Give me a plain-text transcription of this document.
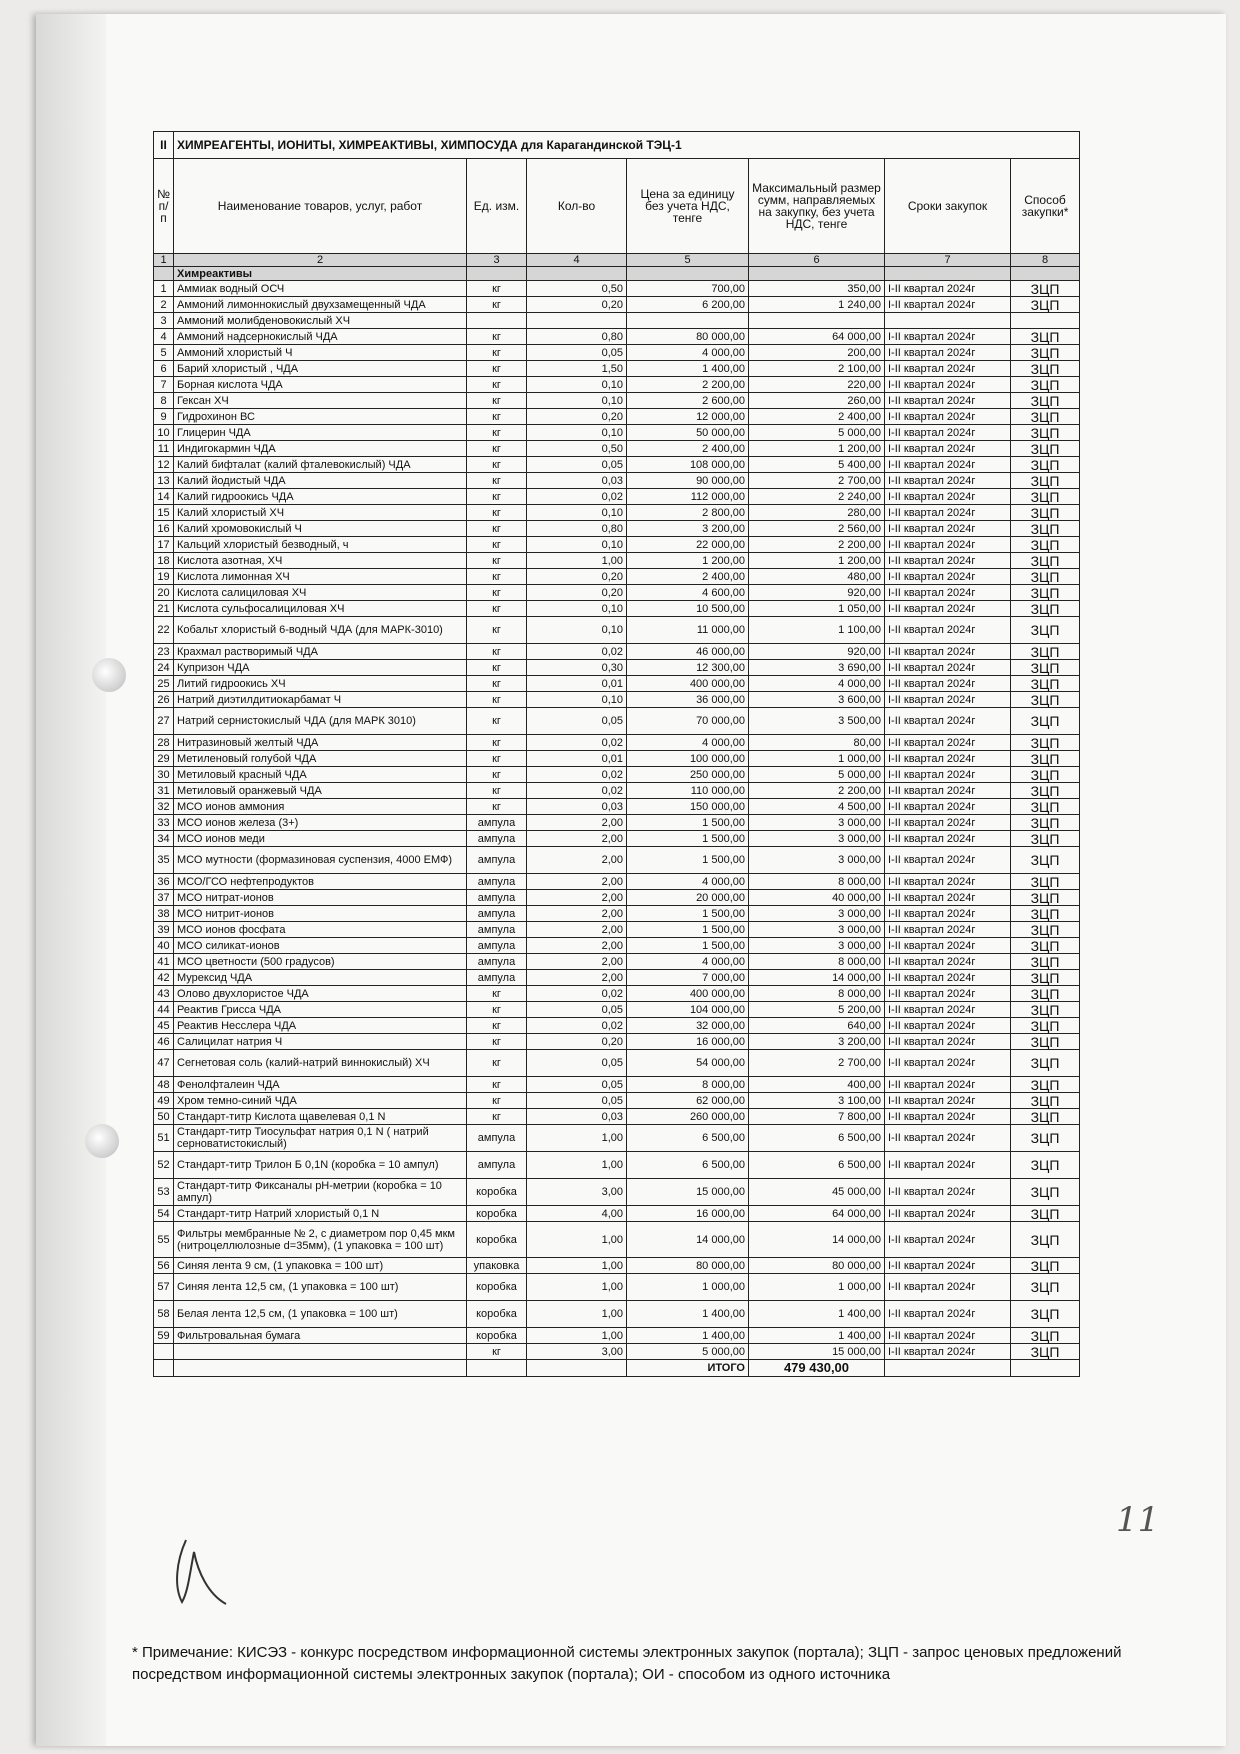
II	ХИМРЕАГЕНТЫ, ИОНИТЫ, ХИМРЕАКТИВЫ, ХИМПОСУДА для Карагандинской ТЭЦ-1						
№ п/п	Наименование товаров, услуг, работ	Ед. изм.	Кол-во	Цена за единицу без учета НДС, тенге	Максимальный размер сумм, направляемых на закупку, без учета НДС, тенге	Сроки закупок	Способ закупки*
1	2	3	4	5	6	7	8
	Химреактивы						
1	Аммиак водный ОСЧ	кг	0,50	700,00	350,00	I-II квартал 2024г	ЗЦП
2	Аммоний лимоннокислый двухзамещенный ЧДА	кг	0,20	6 200,00	1 240,00	I-II квартал 2024г	ЗЦП
3	Аммоний молибденовокислый ХЧ						
4	Аммоний надсернокислый ЧДА	кг	0,80	80 000,00	64 000,00	I-II квартал 2024г	ЗЦП
5	Аммоний хлористый Ч	кг	0,05	4 000,00	200,00	I-II квартал 2024г	ЗЦП
6	Барий хлористый , ЧДА	кг	1,50	1 400,00	2 100,00	I-II квартал 2024г	ЗЦП
7	Борная кислота ЧДА	кг	0,10	2 200,00	220,00	I-II квартал 2024г	ЗЦП
8	Гексан ХЧ	кг	0,10	2 600,00	260,00	I-II квартал 2024г	ЗЦП
9	Гидрохинон ВС	кг	0,20	12 000,00	2 400,00	I-II квартал 2024г	ЗЦП
10	Глицерин ЧДА	кг	0,10	50 000,00	5 000,00	I-II квартал 2024г	ЗЦП
11	Индигокармин ЧДА	кг	0,50	2 400,00	1 200,00	I-II квартал 2024г	ЗЦП
12	Калий бифталат (калий фталевокислый) ЧДА	кг	0,05	108 000,00	5 400,00	I-II квартал 2024г	ЗЦП
13	Калий йодистый ЧДА	кг	0,03	90 000,00	2 700,00	I-II квартал 2024г	ЗЦП
14	Калий гидроокись ЧДА	кг	0,02	112 000,00	2 240,00	I-II квартал 2024г	ЗЦП
15	Калий хлористый ХЧ	кг	0,10	2 800,00	280,00	I-II квартал 2024г	ЗЦП
16	Калий хромовокислый Ч	кг	0,80	3 200,00	2 560,00	I-II квартал 2024г	ЗЦП
17	Кальций хлористый безводный, ч	кг	0,10	22 000,00	2 200,00	I-II квартал 2024г	ЗЦП
18	Кислота азотная, ХЧ	кг	1,00	1 200,00	1 200,00	I-II квартал 2024г	ЗЦП
19	Кислота лимонная ХЧ	кг	0,20	2 400,00	480,00	I-II квартал 2024г	ЗЦП
20	Кислота салициловая ХЧ	кг	0,20	4 600,00	920,00	I-II квартал 2024г	ЗЦП
21	Кислота сульфосалициловая ХЧ	кг	0,10	10 500,00	1 050,00	I-II квартал 2024г	ЗЦП
22	Кобальт хлористый 6-водный ЧДА (для МАРК-3010)	кг	0,10	11 000,00	1 100,00	I-II квартал 2024г	ЗЦП
23	Крахмал растворимый ЧДА	кг	0,02	46 000,00	920,00	I-II квартал 2024г	ЗЦП
24	Купризон ЧДА	кг	0,30	12 300,00	3 690,00	I-II квартал 2024г	ЗЦП
25	Литий гидроокись ХЧ	кг	0,01	400 000,00	4 000,00	I-II квартал 2024г	ЗЦП
26	Натрий диэтилдитиокарбамат Ч	кг	0,10	36 000,00	3 600,00	I-II квартал 2024г	ЗЦП
27	Натрий сернистокислый ЧДА (для МАРК 3010)	кг	0,05	70 000,00	3 500,00	I-II квартал 2024г	ЗЦП
28	Нитразиновый желтый ЧДА	кг	0,02	4 000,00	80,00	I-II квартал 2024г	ЗЦП
29	Метиленовый голубой ЧДА	кг	0,01	100 000,00	1 000,00	I-II квартал 2024г	ЗЦП
30	Метиловый красный ЧДА	кг	0,02	250 000,00	5 000,00	I-II квартал 2024г	ЗЦП
31	Метиловый оранжевый ЧДА	кг	0,02	110 000,00	2 200,00	I-II квартал 2024г	ЗЦП
32	МСО ионов аммония	кг	0,03	150 000,00	4 500,00	I-II квартал 2024г	ЗЦП
33	МСО ионов железа (3+)	ампула	2,00	1 500,00	3 000,00	I-II квартал 2024г	ЗЦП
34	МСО ионов меди	ампула	2,00	1 500,00	3 000,00	I-II квартал 2024г	ЗЦП
35	МСО мутности (формазиновая суспензия, 4000 ЕМФ)	ампула	2,00	1 500,00	3 000,00	I-II квартал 2024г	ЗЦП
36	МСО/ГСО нефтепродуктов	ампула	2,00	4 000,00	8 000,00	I-II квартал 2024г	ЗЦП
37	МСО нитрат-ионов	ампула	2,00	20 000,00	40 000,00	I-II квартал 2024г	ЗЦП
38	МСО нитрит-ионов	ампула	2,00	1 500,00	3 000,00	I-II квартал 2024г	ЗЦП
39	МСО ионов фосфата	ампула	2,00	1 500,00	3 000,00	I-II квартал 2024г	ЗЦП
40	МСО силикат-ионов	ампула	2,00	1 500,00	3 000,00	I-II квартал 2024г	ЗЦП
41	МСО цветности (500 градусов)	ампула	2,00	4 000,00	8 000,00	I-II квартал 2024г	ЗЦП
42	Мурексид ЧДА	ампула	2,00	7 000,00	14 000,00	I-II квартал 2024г	ЗЦП
43	Олово двухлористое ЧДА	кг	0,02	400 000,00	8 000,00	I-II квартал 2024г	ЗЦП
44	Реактив Грисса ЧДА	кг	0,05	104 000,00	5 200,00	I-II квартал 2024г	ЗЦП
45	Реактив Несслера ЧДА	кг	0,02	32 000,00	640,00	I-II квартал 2024г	ЗЦП
46	Салицилат натрия Ч	кг	0,20	16 000,00	3 200,00	I-II квартал 2024г	ЗЦП
47	Сегнетовая соль (калий-натрий виннокислый) ХЧ	кг	0,05	54 000,00	2 700,00	I-II квартал 2024г	ЗЦП
48	Фенолфталеин ЧДА	кг	0,05	8 000,00	400,00	I-II квартал 2024г	ЗЦП
49	Хром темно-синий ЧДА	кг	0,05	62 000,00	3 100,00	I-II квартал 2024г	ЗЦП
50	Стандарт-титр Кислота щавелевая 0,1 N	кг	0,03	260 000,00	7 800,00	I-II квартал 2024г	ЗЦП
51	Стандарт-титр Тиосульфат натрия 0,1 N ( натрий серноватистокислый)	ампула	1,00	6 500,00	6 500,00	I-II квартал 2024г	ЗЦП
52	Стандарт-титр Трилон Б 0,1N (коробка = 10 ампул)	ампула	1,00	6 500,00	6 500,00	I-II квартал 2024г	ЗЦП
53	Стандарт-титр Фиксаналы рН-метрии (коробка = 10 ампул)	коробка	3,00	15 000,00	45 000,00	I-II квартал 2024г	ЗЦП
54	Стандарт-титр Натрий хлористый 0,1 N	коробка	4,00	16 000,00	64 000,00	I-II квартал 2024г	ЗЦП
55	Фильтры мембранные № 2, с диаметром пор 0,45 мкм (нитроцеллюлозные d=35мм), (1 упаковка = 100 шт)	коробка	1,00	14 000,00	14 000,00	I-II квартал 2024г	ЗЦП
56	Синяя лента 9 см, (1 упаковка = 100 шт)	упаковка	1,00	80 000,00	80 000,00	I-II квартал 2024г	ЗЦП
57	Синяя лента 12,5 см, (1 упаковка = 100 шт)	коробка	1,00	1 000,00	1 000,00	I-II квартал 2024г	ЗЦП
58	Белая лента 12,5 см, (1 упаковка = 100 шт)	коробка	1,00	1 400,00	1 400,00	I-II квартал 2024г	ЗЦП
59	Фильтровальная бумага	коробка	1,00	1 400,00	1 400,00	I-II квартал 2024г	ЗЦП
		кг	3,00	5 000,00	15 000,00	I-II квартал 2024г	ЗЦП
				ИТОГО	479 430,00		
11
* Примечание: КИСЭЗ - конкурс посредством информационной системы электронных закупок (портала); ЗЦП - запрос ценовых предложений посредством информационной системы электронных закупок (портала); ОИ - способом из одного источника
